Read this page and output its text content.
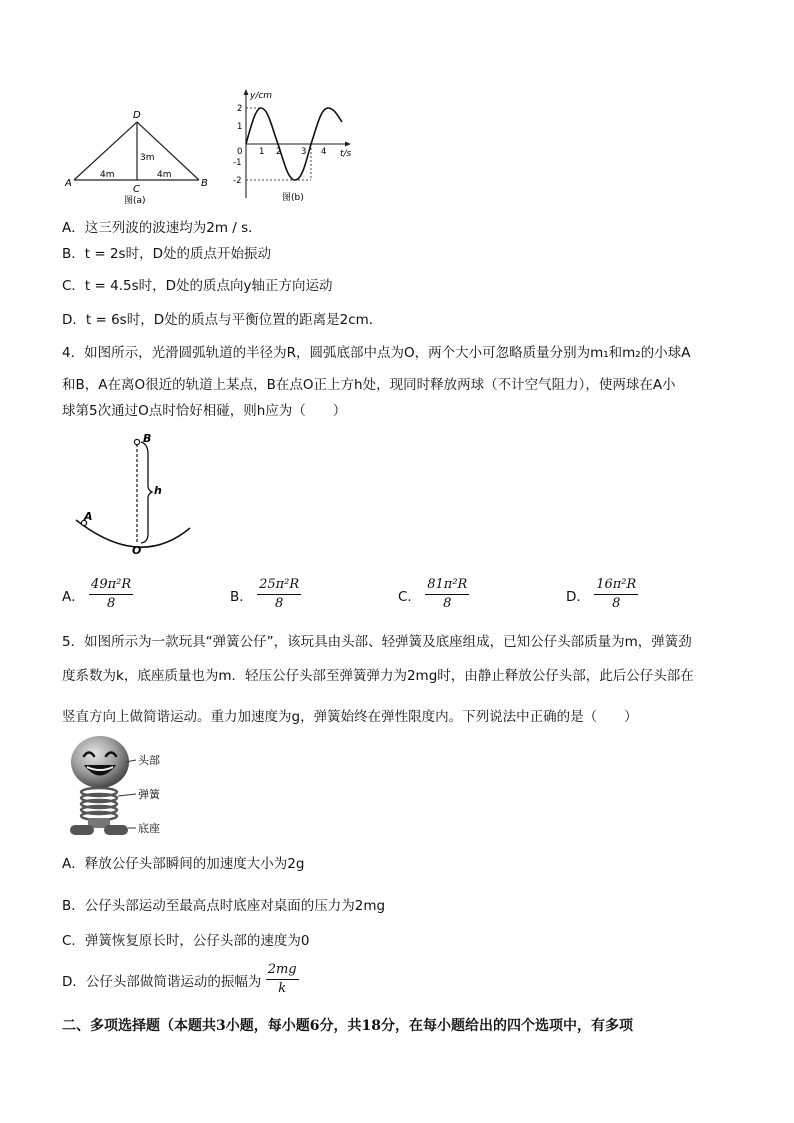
D
A	B
C
4m	4m
3m
图(a)
y/cm
t/s
2
1
0
-1
-2
1 2 3 4
图(b)
A．这三列波的波速均为2m / s．
B．t = 2s时，D处的质点开始振动
C．t = 4.5s时，D处的质点向y轴正方向运动
D．t = 6s时，D处的质点与平衡位置的距离是2cm．
4．如图所示，光滑圆弧轨道的半径为R，圆弧底部中点为O，两个大小可忽略质量分别为m₁和m₂的小球A
和B，A在离O很近的轨道上某点，B在点O正上方h处，现同时释放两球（不计空气阻力），使两球在A小
球第5次通过O点时恰好相碰，则h应为（　　）
B
A
h
O
A． $\frac{\text{49π²R}}{8}$	B． $\frac{\text{25π²R}}{8}$	C． $\frac{\text{81π²R}}{8}$	D． $\frac{\text{16π²R}}{8}$
5．如图所示为一款玩具“弹簧公仔”，该玩具由头部、轻弹簧及底座组成，已知公仔头部质量为m，弹簧劲
度系数为k，底座质量也为m．轻压公仔头部至弹簧弹力为2mg时，由静止释放公仔头部，此后公仔头部在
竖直方向上做简谐运动。重力加速度为g，弹簧始终在弹性限度内。下列说法中正确的是（　　）
头部
弹簧
底座
A．释放公仔头部瞬间的加速度大小为2g
B．公仔头部运动至最高点时底座对桌面的压力为2mg
C．弹簧恢复原长时，公仔头部的速度为0
D．公仔头部做简谐运动的振幅为 $\frac{2mg}{k}$
二、多项选择题（本题共3小题，每小题6分，共18分，在每小题给出的四个选项中，有多项
